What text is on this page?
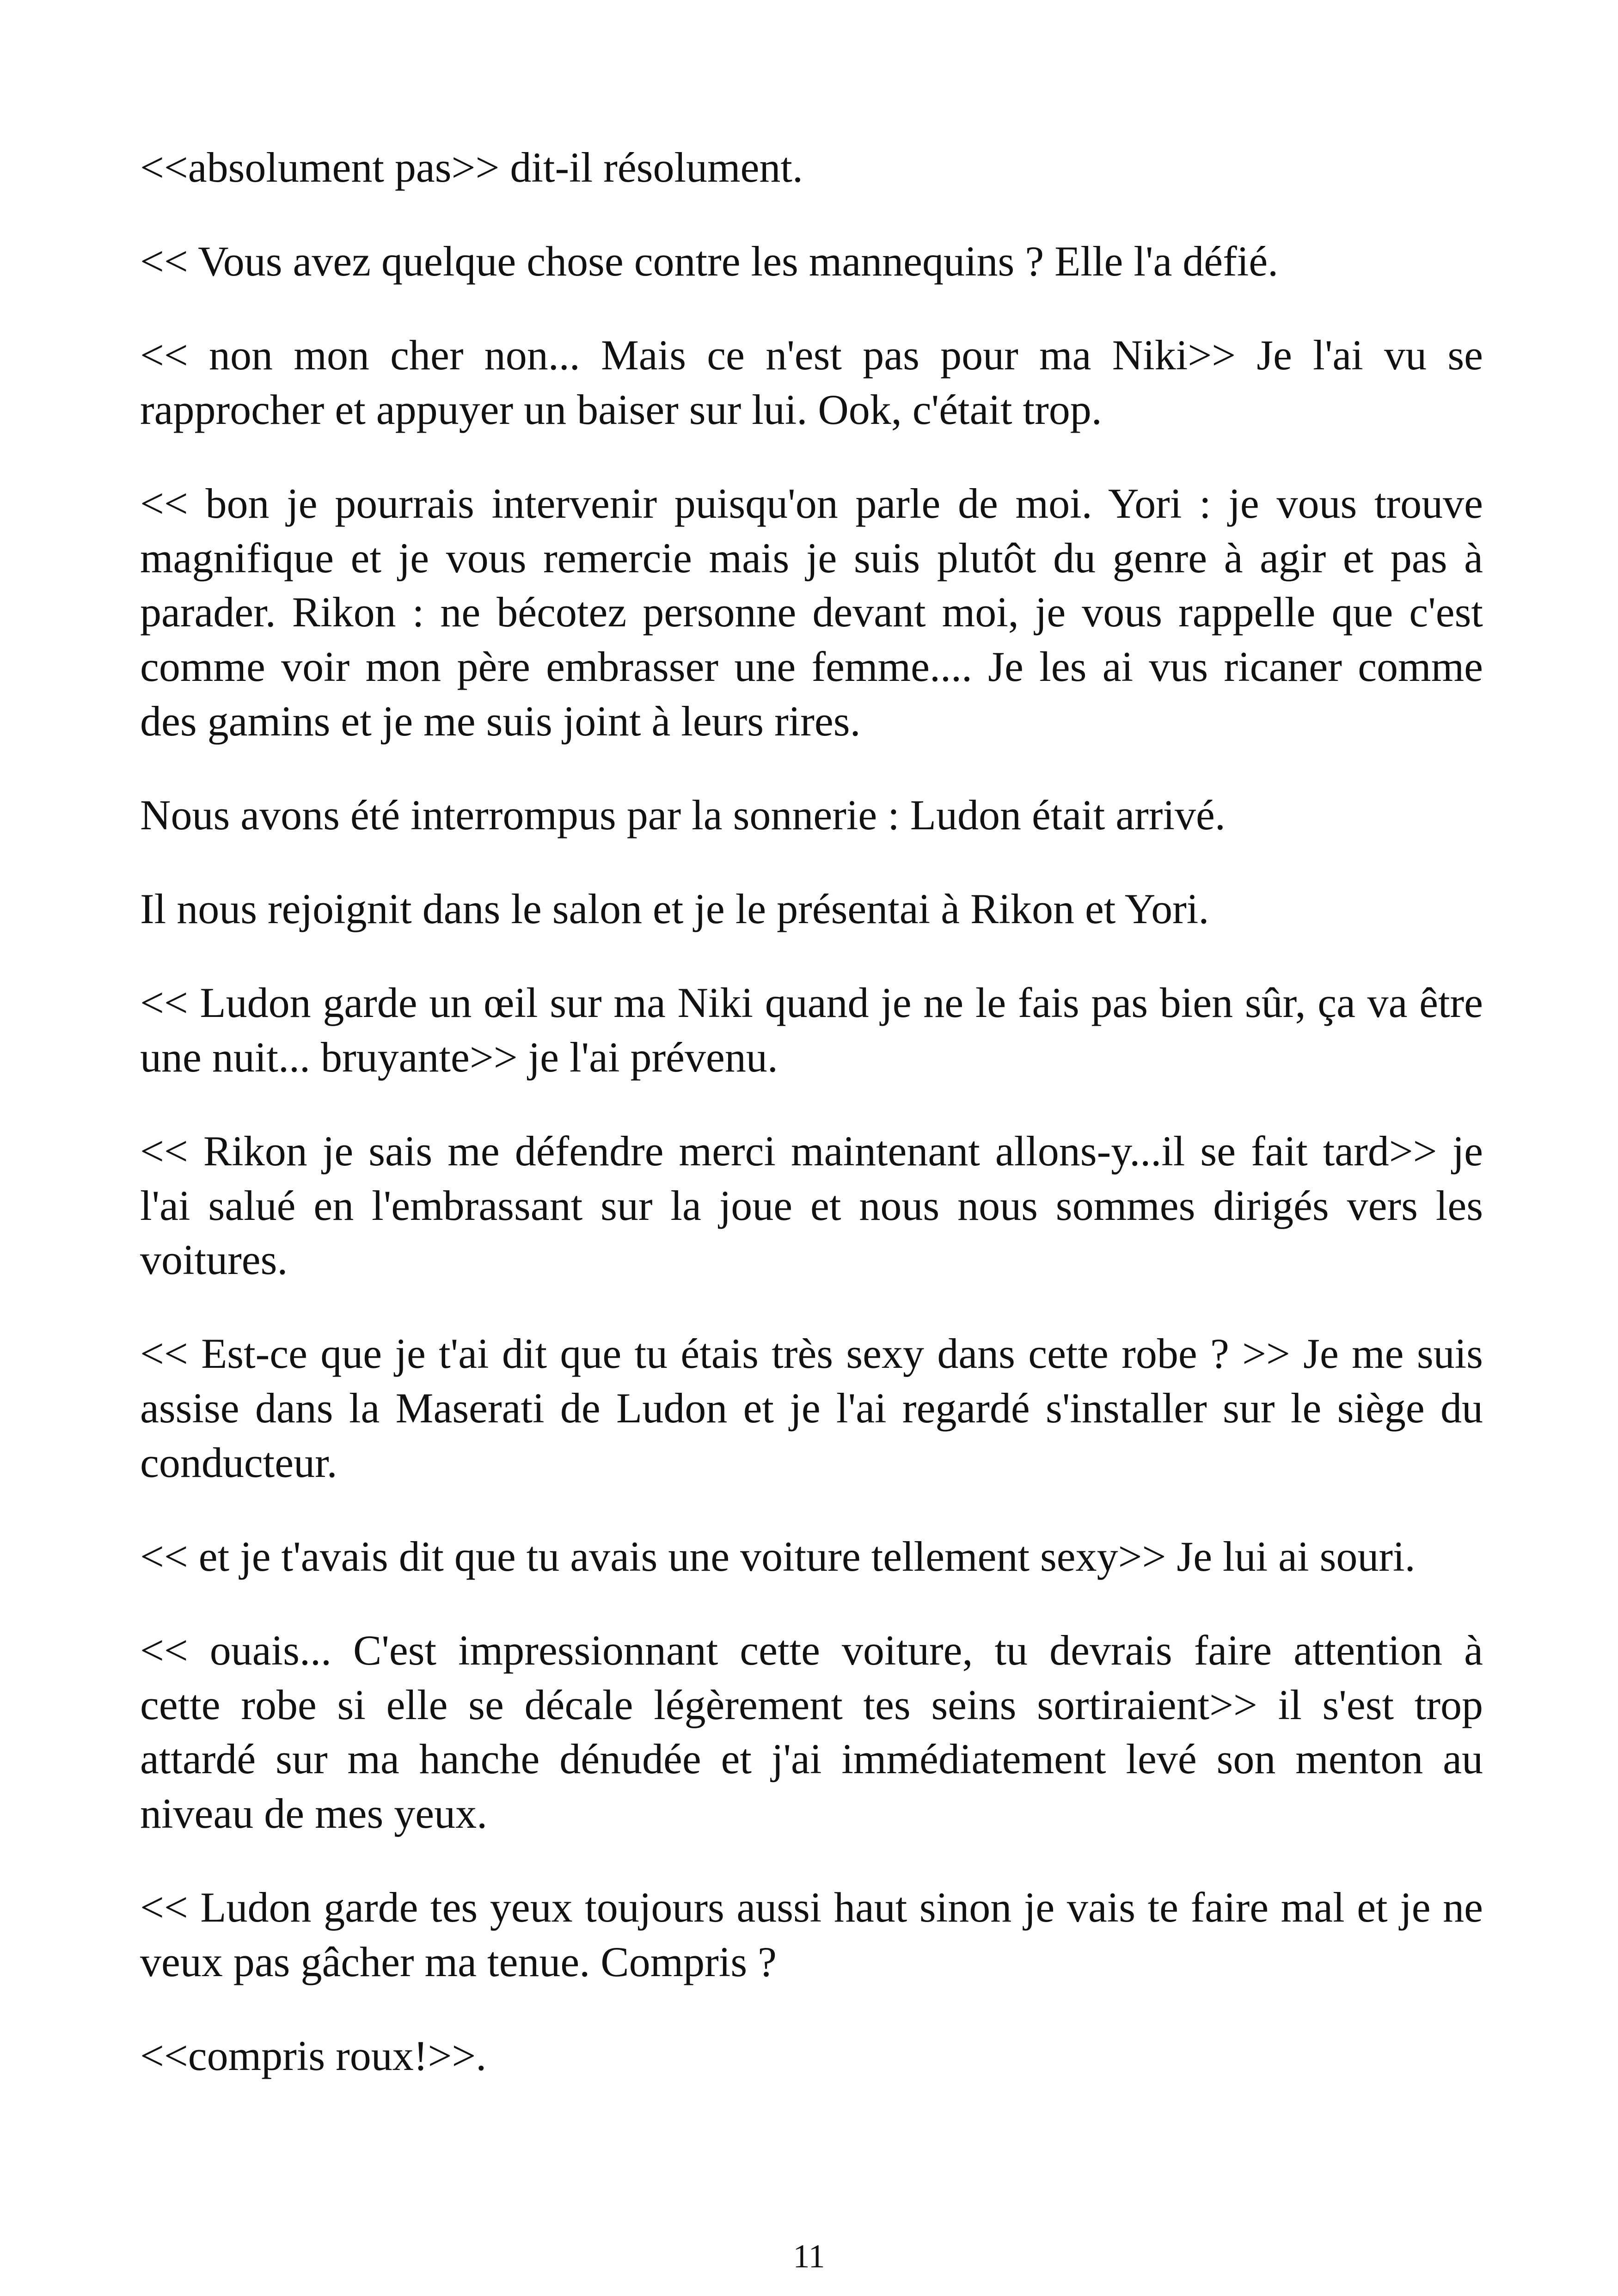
<<absolument pas>> dit-il résolument.

<< Vous avez quelque chose contre les mannequins ? Elle l'a défié.

<< non mon cher non... Mais ce n'est pas pour ma Niki>> Je l'ai vu se
rapprocher et appuyer un baiser sur lui. Ook, c'était trop.

<< bon je pourrais intervenir puisqu'on parle de moi. Yori : je vous trouve
magnifique et je vous remercie mais je suis plutôt du genre à agir et pas à
parader. Rikon : ne bécotez personne devant moi, je vous rappelle que c'est
comme voir mon père embrasser une femme.... Je les ai vus ricaner comme
des gamins et je me suis joint à leurs rires.

Nous avons été interrompus par la sonnerie : Ludon était arrivé.

Il nous rejoignit dans le salon et je le présentai à Rikon et Yori.

<< Ludon garde un œil sur ma Niki quand je ne le fais pas bien sûr, ça va être
une nuit... bruyante>> je l'ai prévenu.

<< Rikon je sais me défendre merci maintenant allons-y...il se fait tard>> je
l'ai salué en l'embrassant sur la joue et nous nous sommes dirigés vers les
voitures.

<< Est-ce que je t'ai dit que tu étais très sexy dans cette robe ? >> Je me suis
assise dans la Maserati de Ludon et je l'ai regardé s'installer sur le siège du
conducteur.

<< et je t'avais dit que tu avais une voiture tellement sexy>> Je lui ai souri.

<< ouais... C'est impressionnant cette voiture, tu devrais faire attention à
cette robe si elle se décale légèrement tes seins sortiraient>> il s'est trop
attardé sur ma hanche dénudée et j'ai immédiatement levé son menton au
niveau de mes yeux.

<< Ludon garde tes yeux toujours aussi haut sinon je vais te faire mal et je ne
veux pas gâcher ma tenue. Compris ?

<<compris roux!>>.

11
